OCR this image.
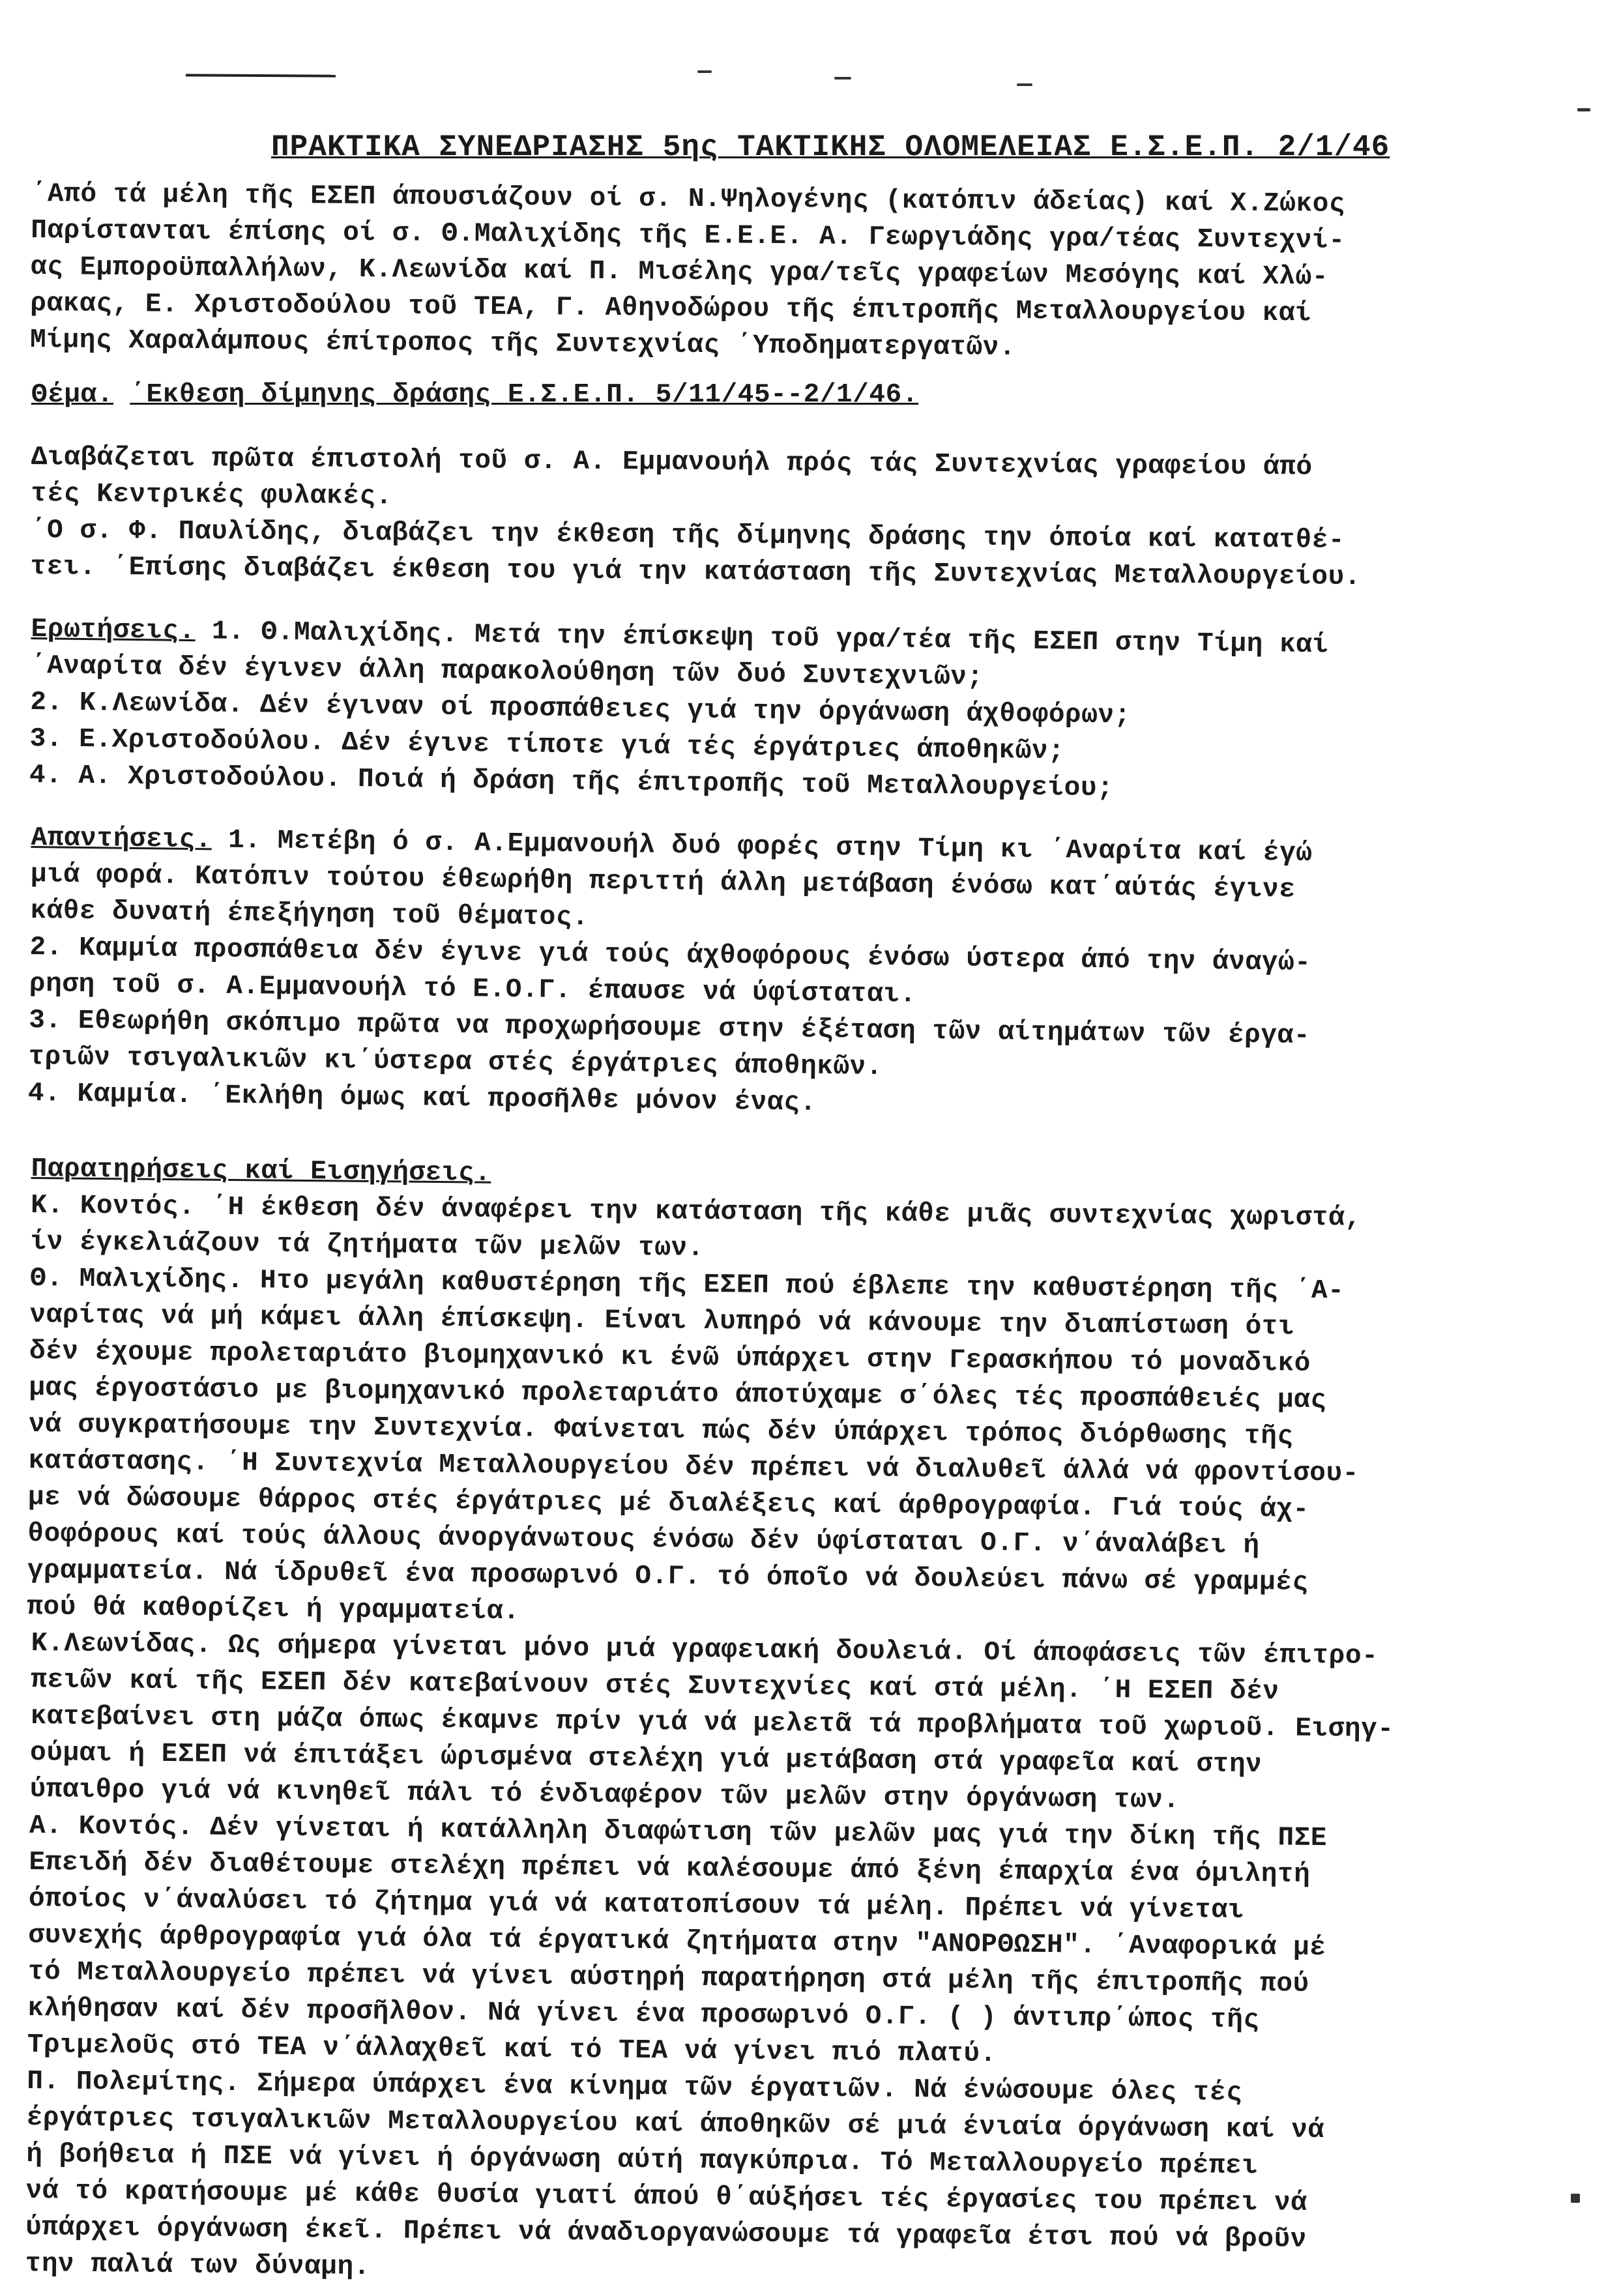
ΠΡΑΚΤΙΚΑ ΣΥΝΕΔΡΙΑΣΗΣ 5ης ΤΑΚΤΙΚΗΣ ΟΛΟΜΕΛΕΙΑΣ Ε.Σ.Ε.Π. 2/1/46
΄Από τά μέλη τῆς ΕΣΕΠ άπουσιάζουν οί σ. Ν.Ψηλογένης (κατόπιν άδείας) καί Χ.Ζώκος
Παρίστανται έπίσης οί σ. Θ.Μαλιχίδης τῆς Ε.Ε.Ε. Α. Γεωργιάδης γρα/τέας Συντεχνί-
ας Εμποροϋπαλλήλων, Κ.Λεωνίδα καί Π. Μισέλης γρα/τεῖς γραφείων Μεσόγης καί Χλώ-
ρακας, Ε. Χριστοδούλου τοῦ ΤΕΑ, Γ. Αθηνοδώρου τῆς έπιτροπῆς Μεταλλουργείου καί
Μίμης Χαραλάμπους έπίτροπος τῆς Συντεχνίας ΄Υποδηματεργατῶν.
Θέμα. ΄Εκθεση δίμηνης δράσης Ε.Σ.Ε.Π. 5/11/45--2/1/46.
Διαβάζεται πρῶτα έπιστολή τοῦ σ. Α. Εμμανουήλ πρός τάς Συντεχνίας γραφείου άπό
τές Κεντρικές φυλακές.
΄Ο σ. Φ. Παυλίδης, διαβάζει την έκθεση τῆς δίμηνης δράσης την όποία καί κατατθέ-
τει. ΄Επίσης διαβάζει έκθεση του γιά την κατάσταση τῆς Συντεχνίας Μεταλλουργείου.
Ερωτήσεις. 1. Θ.Μαλιχίδης. Μετά την έπίσκεψη τοῦ γρα/τέα τῆς ΕΣΕΠ στην Τίμη καί
΄Αναρίτα δέν έγινεν άλλη παρακολούθηση τῶν δυό Συντεχνιῶν;
2. Κ.Λεωνίδα. Δέν έγιναν οί προσπάθειες γιά την όργάνωση άχθοφόρων;
3. Ε.Χριστοδούλου. Δέν έγινε τίποτε γιά τές έργάτριες άποθηκῶν;
4. Α. Χριστοδούλου. Ποιά ή δράση τῆς έπιτροπῆς τοῦ Μεταλλουργείου;
Απαντήσεις. 1. Μετέβη ό σ. Α.Εμμανουήλ δυό φορές στην Τίμη κι ΄Αναρίτα καί έγώ
μιά φορά. Κατόπιν τούτου έθεωρήθη περιττή άλλη μετάβαση ένόσω κατ΄αύτάς έγινε
κάθε δυνατή έπεξήγηση τοῦ θέματος.
2. Καμμία προσπάθεια δέν έγινε γιά τούς άχθοφόρους ένόσω ύστερα άπό την άναγώ-
ρηση τοῦ σ. Α.Εμμανουήλ τό Ε.Ο.Γ. έπαυσε νά ύφίσταται.
3. Εθεωρήθη σκόπιμο πρῶτα να προχωρήσουμε στην έξέταση τῶν αίτημάτων τῶν έργα-
τριῶν τσιγαλικιῶν κι΄ύστερα στές έργάτριες άποθηκῶν.
4. Καμμία. ΄Εκλήθη όμως καί προσῆλθε μόνον ένας.
Παρατηρήσεις καί Εισηγήσεις.
Κ. Κοντός. ΄Η έκθεση δέν άναφέρει την κατάσταση τῆς κάθε μιᾶς συντεχνίας χωριστά,
ίν έγκελιάζουν τά ζητήματα τῶν μελῶν των.
Θ. Μαλιχίδης. Ητο μεγάλη καθυστέρηση τῆς ΕΣΕΠ πού έβλεπε την καθυστέρηση τῆς ΄Α-
ναρίτας νά μή κάμει άλλη έπίσκεψη. Είναι λυπηρό νά κάνουμε την διαπίστωση ότι
δέν έχουμε προλεταριάτο βιομηχανικό κι ένῶ ύπάρχει στην Γερασκήπου τό μοναδικό
μας έργοστάσιο με βιομηχανικό προλεταριάτο άποτύχαμε σ΄όλες τές προσπάθειές μας
νά συγκρατήσουμε την Συντεχνία. Φαίνεται πώς δέν ύπάρχει τρόπος διόρθωσης τῆς
κατάστασης. ΄Η Συντεχνία Μεταλλουργείου δέν πρέπει νά διαλυθεῖ άλλά νά φροντίσου-
με νά δώσουμε θάρρος στές έργάτριες μέ διαλέξεις καί άρθρογραφία. Γιά τούς άχ-
θοφόρους καί τούς άλλους άνοργάνωτους ένόσω δέν ύφίσταται Ο.Γ. ν΄άναλάβει ή
γραμματεία. Νά ίδρυθεῖ ένα προσωρινό Ο.Γ. τό όποῖο νά δουλεύει πάνω σέ γραμμές
πού θά καθορίζει ή γραμματεία.
Κ.Λεωνίδας. Ως σήμερα γίνεται μόνο μιά γραφειακή δουλειά. Οί άποφάσεις τῶν έπιτρο-
πειῶν καί τῆς ΕΣΕΠ δέν κατεβαίνουν στές Συντεχνίες καί στά μέλη. ΄Η ΕΣΕΠ δέν
κατεβαίνει στη μάζα όπως έκαμνε πρίν γιά νά μελετᾶ τά προβλήματα τοῦ χωριοῦ. Εισηγ-
ούμαι ή ΕΣΕΠ νά έπιτάξει ώρισμένα στελέχη γιά μετάβαση στά γραφεῖα καί στην
ύπαιθρο γιά νά κινηθεῖ πάλι τό ένδιαφέρον τῶν μελῶν στην όργάνωση των.
Α. Κοντός. Δέν γίνεται ή κατάλληλη διαφώτιση τῶν μελῶν μας γιά την δίκη τῆς ΠΣΕ
Επειδή δέν διαθέτουμε στελέχη πρέπει νά καλέσουμε άπό ξένη έπαρχία ένα όμιλητή
όποίος ν΄άναλύσει τό ζήτημα γιά νά κατατοπίσουν τά μέλη. Πρέπει νά γίνεται
συνεχής άρθρογραφία γιά όλα τά έργατικά ζητήματα στην "ΑΝΟΡΘΩΣΗ". ΄Αναφορικά μέ
τό Μεταλλουργείο πρέπει νά γίνει αύστηρή παρατήρηση στά μέλη τῆς έπιτροπῆς πού
κλήθησαν καί δέν προσῆλθον. Νά γίνει ένα προσωρινό Ο.Γ. ( ) άντιπρ΄ώπος τῆς
Τριμελοῦς στό ΤΕΑ ν΄άλλαχθεῖ καί τό ΤΕΑ νά γίνει πιό πλατύ.
Π. Πολεμίτης. Σήμερα ύπάρχει ένα κίνημα τῶν έργατιῶν. Νά ένώσουμε όλες τές
έργάτριες τσιγαλικιῶν Μεταλλουργείου καί άποθηκῶν σέ μιά ένιαία όργάνωση καί νά
ή βοήθεια ή ΠΣΕ νά γίνει ή όργάνωση αύτή παγκύπρια. Τό Μεταλλουργείο πρέπει
νά τό κρατήσουμε μέ κάθε θυσία γιατί άπού θ΄αύξήσει τές έργασίες του πρέπει νά
ύπάρχει όργάνωση έκεῖ. Πρέπει νά άναδιοργανώσουμε τά γραφεῖα έτσι πού νά βροῦν
την παλιά των δύναμη.
